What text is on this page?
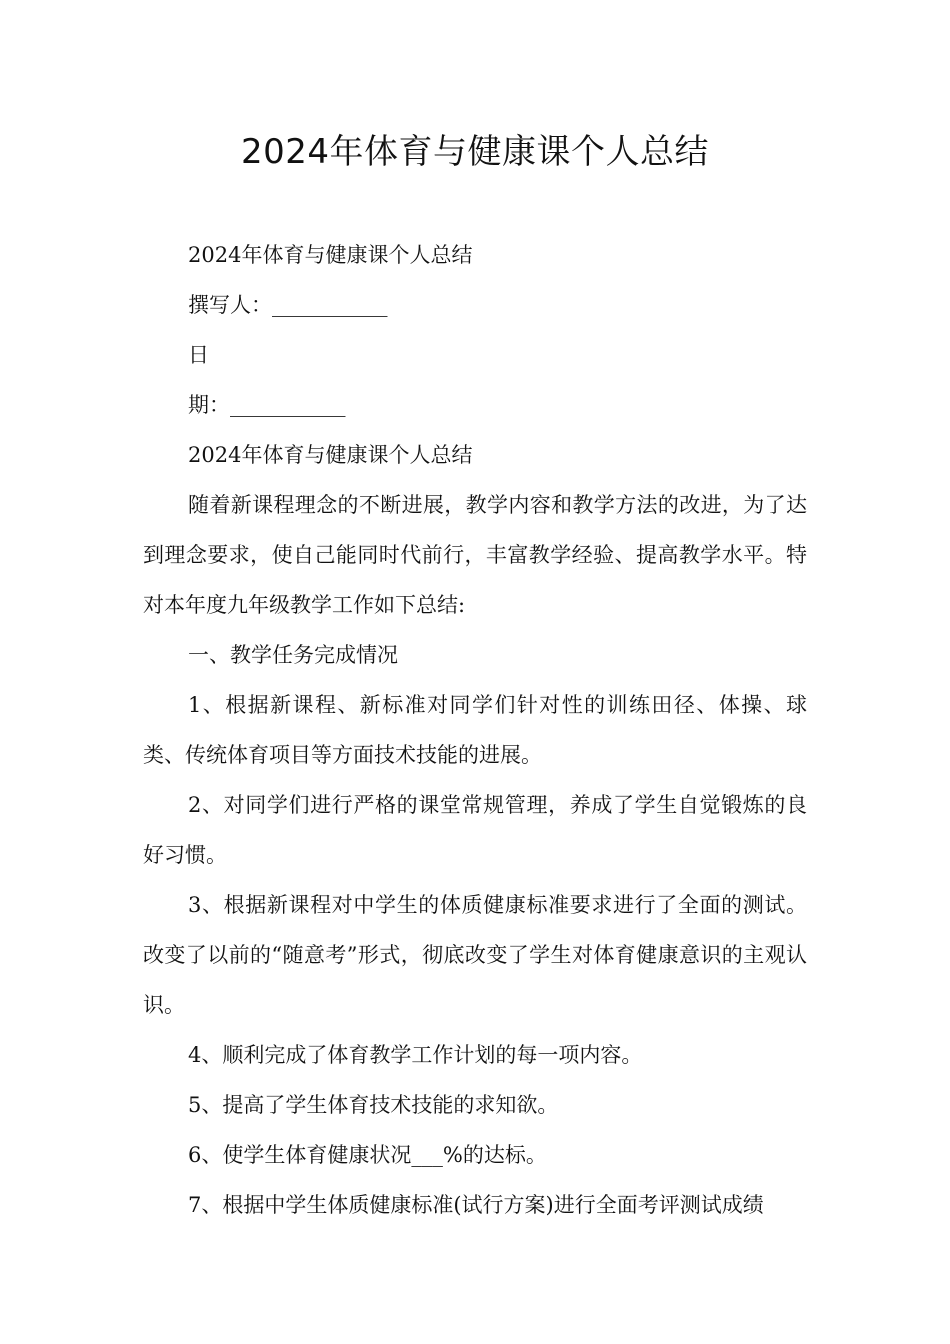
2024年体育与健康课个人总结

2024年体育与健康课个人总结

撰写人：___________

日

期：___________

2024年体育与健康课个人总结

随着新课程理念的不断进展，教学内容和教学方法的改进，为了达到理念要求，使自己能同时代前行，丰富教学经验、提高教学水平。特对本年度九年级教学工作如下总结:

一、教学任务完成情况

1、根据新课程、新标准对同学们针对性的训练田径、体操、球类、传统体育项目等方面技术技能的进展。

2、对同学们进行严格的课堂常规管理，养成了学生自觉锻炼的良好习惯。

3、根据新课程对中学生的体质健康标准要求进行了全面的测试。改变了以前的“随意考”形式，彻底改变了学生对体育健康意识的主观认识。

4、顺利完成了体育教学工作计划的每一项内容。

5、提高了学生体育技术技能的求知欲。

6、使学生体育健康状况___%的达标。

7、根据中学生体质健康标准(试行方案)进行全面考评测试成绩
